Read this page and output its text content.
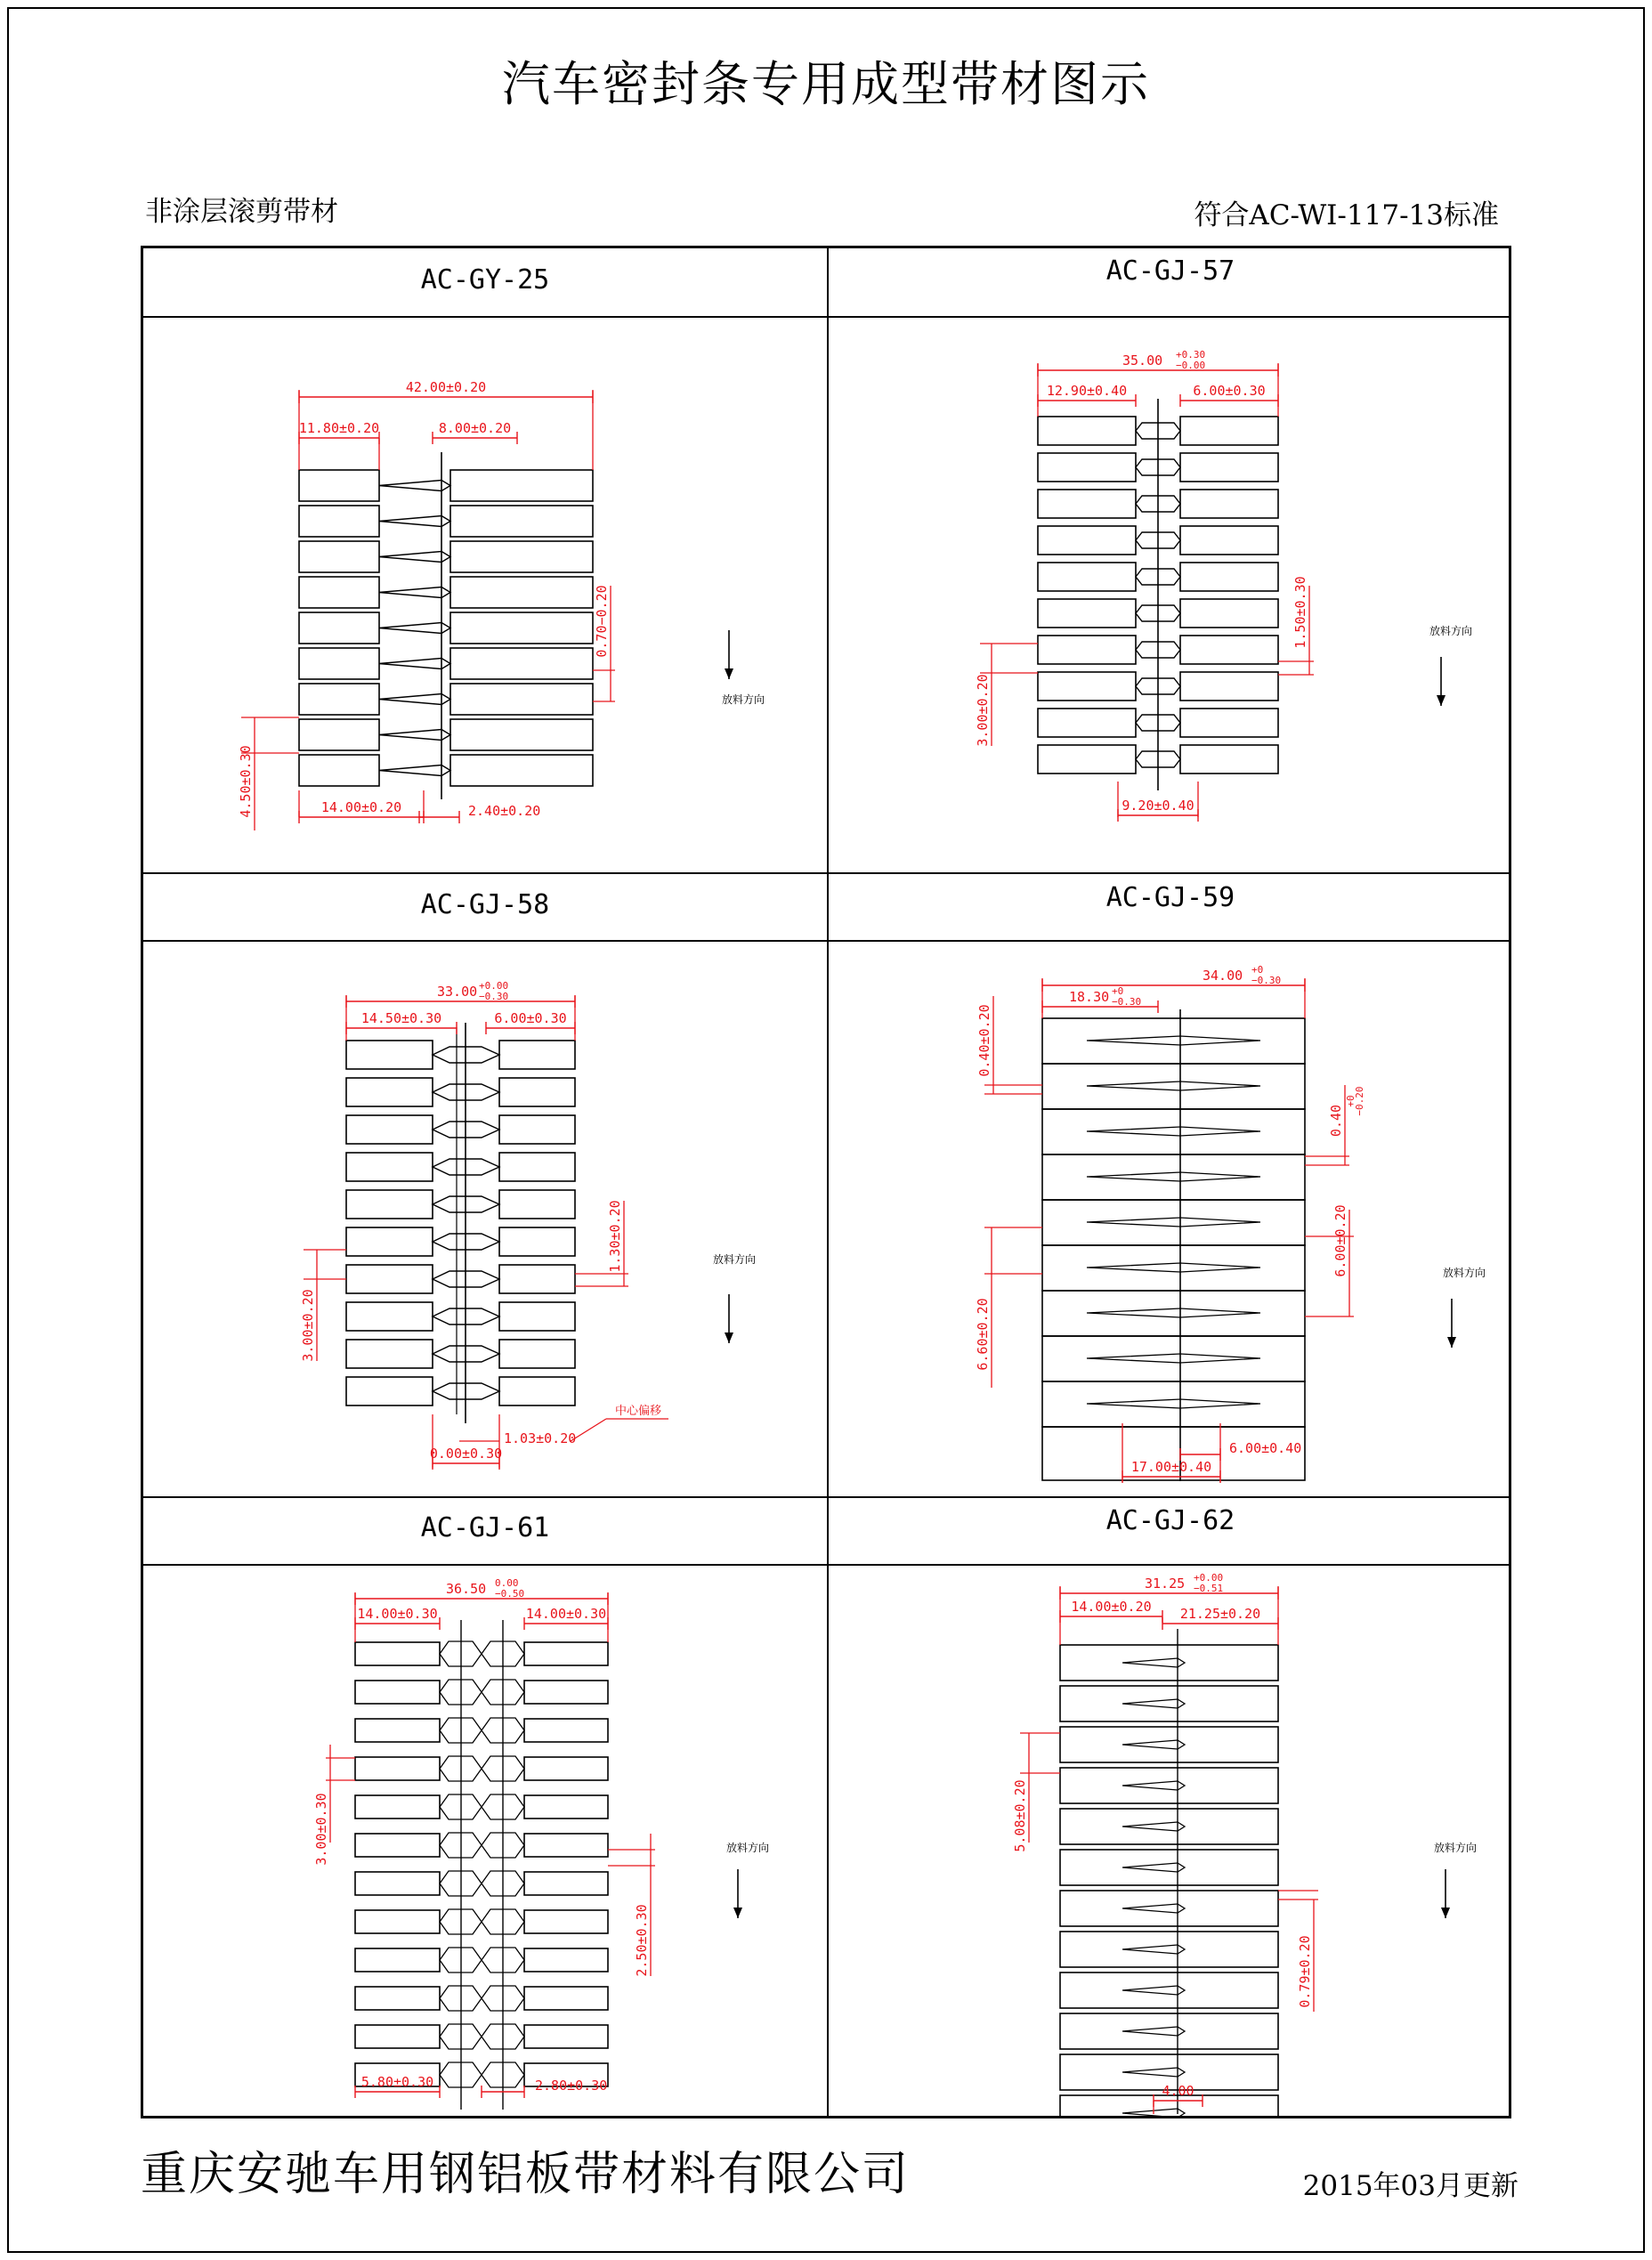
汽车密封条专用成型带材图示
非涂层滚剪带材	符合AC-WI-117-13标准
AC-GY-25	AC-GJ-57
AC-GJ-58	AC-GJ-59
AC-GJ-61	AC-GJ-62
42.00±0.20
11.80±0.20	8.00±0.20
14.00±0.20	2.40±0.20
0.70−0.20
4.50±0.30
放料方向
35.00 +0.30
−0.00
12.90±0.40	6.00±0.30
9.20±0.40
1.50±0.30
3.00±0.20
放料方向
33.00 +0.00
−0.30
14.50±0.30	6.00±0.30
1.30±0.20
3.00±0.20
0.00±0.30
1.03±0.20
中心偏移
放料方向
34.00 +0
−0.30
18.30 +0
−0.30
0.40±0.20
0.40
+0
−0.20
6.60±0.20
6.00±0.20
17.00±0.40
6.00±0.40
放料方向
36.50 0.00
−0.50
14.00±0.30	14.00±0.30
3.00±0.30
2.50±0.30
5.80±0.30	2.80±0.30
放料方向
31.25 +0.00
−0.51
14.00±0.20 21.25±0.20
5.08±0.20
0.79±0.20
4.00
放料方向
重庆安驰车用钢铝板带材料有限公司	2015年03月更新
